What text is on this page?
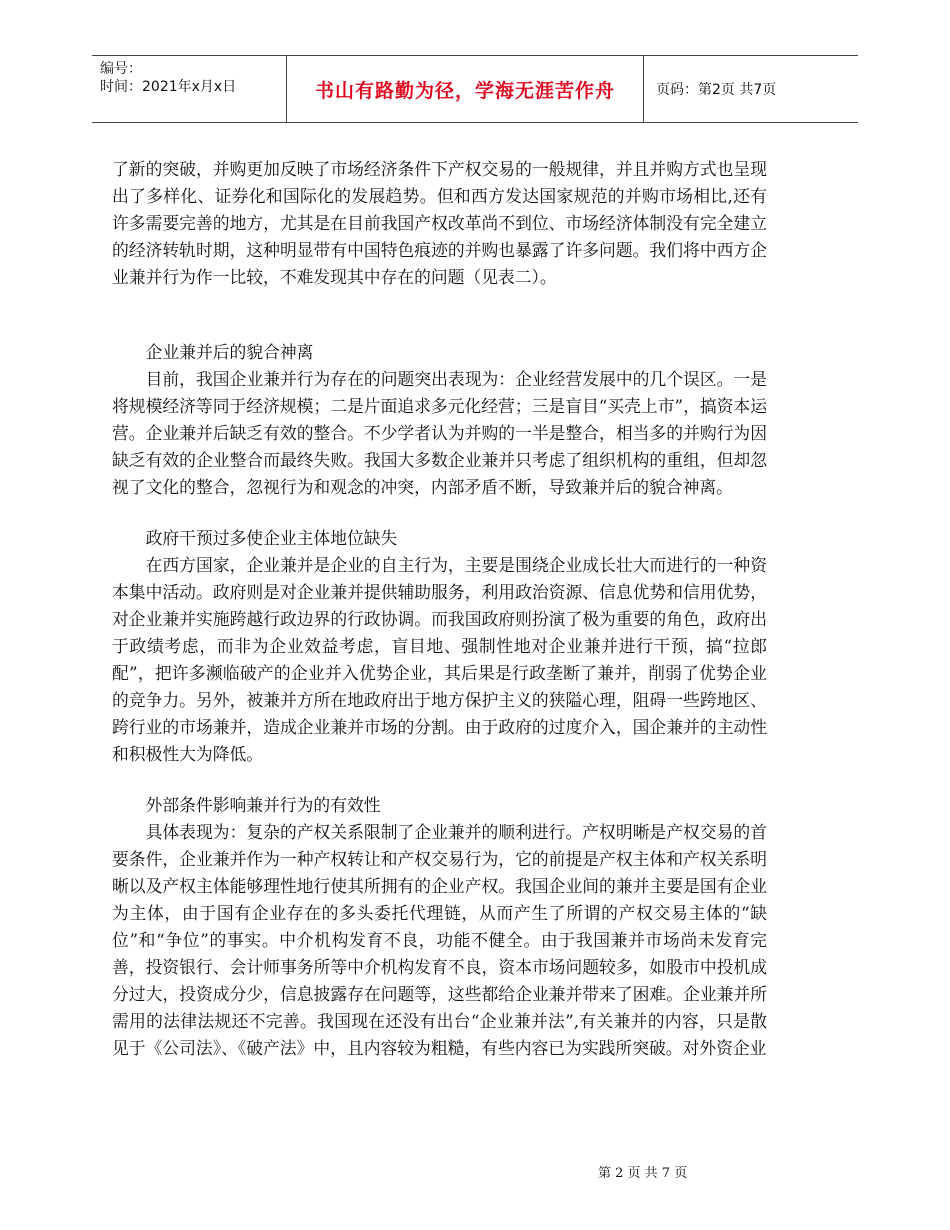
编号：
时间：2021年x月x日	书山有路勤为径，学海无涯苦作舟	页码：第2页 共7页

了新的突破，并购更加反映了市场经济条件下产权交易的一般规律，并且并购方式也呈现出了多样化、证券化和国际化的发展趋势。但和西方发达国家规范的并购市场相比,还有许多需要完善的地方，尤其是在目前我国产权改革尚不到位、市场经济体制没有完全建立的经济转轨时期，这种明显带有中国特色痕迹的并购也暴露了许多问题。我们将中西方企业兼并行为作一比较，不难发现其中存在的问题（见表二）。

企业兼并后的貌合神离

目前，我国企业兼并行为存在的问题突出表现为：企业经营发展中的几个误区。一是将规模经济等同于经济规模；二是片面追求多元化经营；三是盲目“买壳上市”，搞资本运营。企业兼并后缺乏有效的整合。不少学者认为并购的一半是整合，相当多的并购行为因缺乏有效的企业整合而最终失败。我国大多数企业兼并只考虑了组织机构的重组，但却忽视了文化的整合，忽视行为和观念的冲突，内部矛盾不断，导致兼并后的貌合神离。

政府干预过多使企业主体地位缺失

在西方国家，企业兼并是企业的自主行为，主要是围绕企业成长壮大而进行的一种资本集中活动。政府则是对企业兼并提供辅助服务，利用政治资源、信息优势和信用优势，对企业兼并实施跨越行政边界的行政协调。而我国政府则扮演了极为重要的角色，政府出于政绩考虑，而非为企业效益考虑，盲目地、强制性地对企业兼并进行干预，搞“拉郎配”，把许多濒临破产的企业并入优势企业，其后果是行政垄断了兼并，削弱了优势企业的竞争力。另外，被兼并方所在地政府出于地方保护主义的狭隘心理，阻碍一些跨地区、跨行业的市场兼并，造成企业兼并市场的分割。由于政府的过度介入，国企兼并的主动性和积极性大为降低。

外部条件影响兼并行为的有效性

具体表现为：复杂的产权关系限制了企业兼并的顺利进行。产权明晰是产权交易的首要条件，企业兼并作为一种产权转让和产权交易行为，它的前提是产权主体和产权关系明晰以及产权主体能够理性地行使其所拥有的企业产权。我国企业间的兼并主要是国有企业为主体，由于国有企业存在的多头委托代理链，从而产生了所谓的产权交易主体的“缺位”和“争位”的事实。中介机构发育不良，功能不健全。由于我国兼并市场尚未发育完善，投资银行、会计师事务所等中介机构发育不良，资本市场问题较多，如股市中投机成分过大，投资成分少，信息披露存在问题等，这些都给企业兼并带来了困难。企业兼并所需用的法律法规还不完善。我国现在还没有出台“企业兼并法”,有关兼并的内容，只是散见于《公司法》、《破产法》中，且内容较为粗糙，有些内容已为实践所突破。对外资企业

第 2 页 共 7 页
